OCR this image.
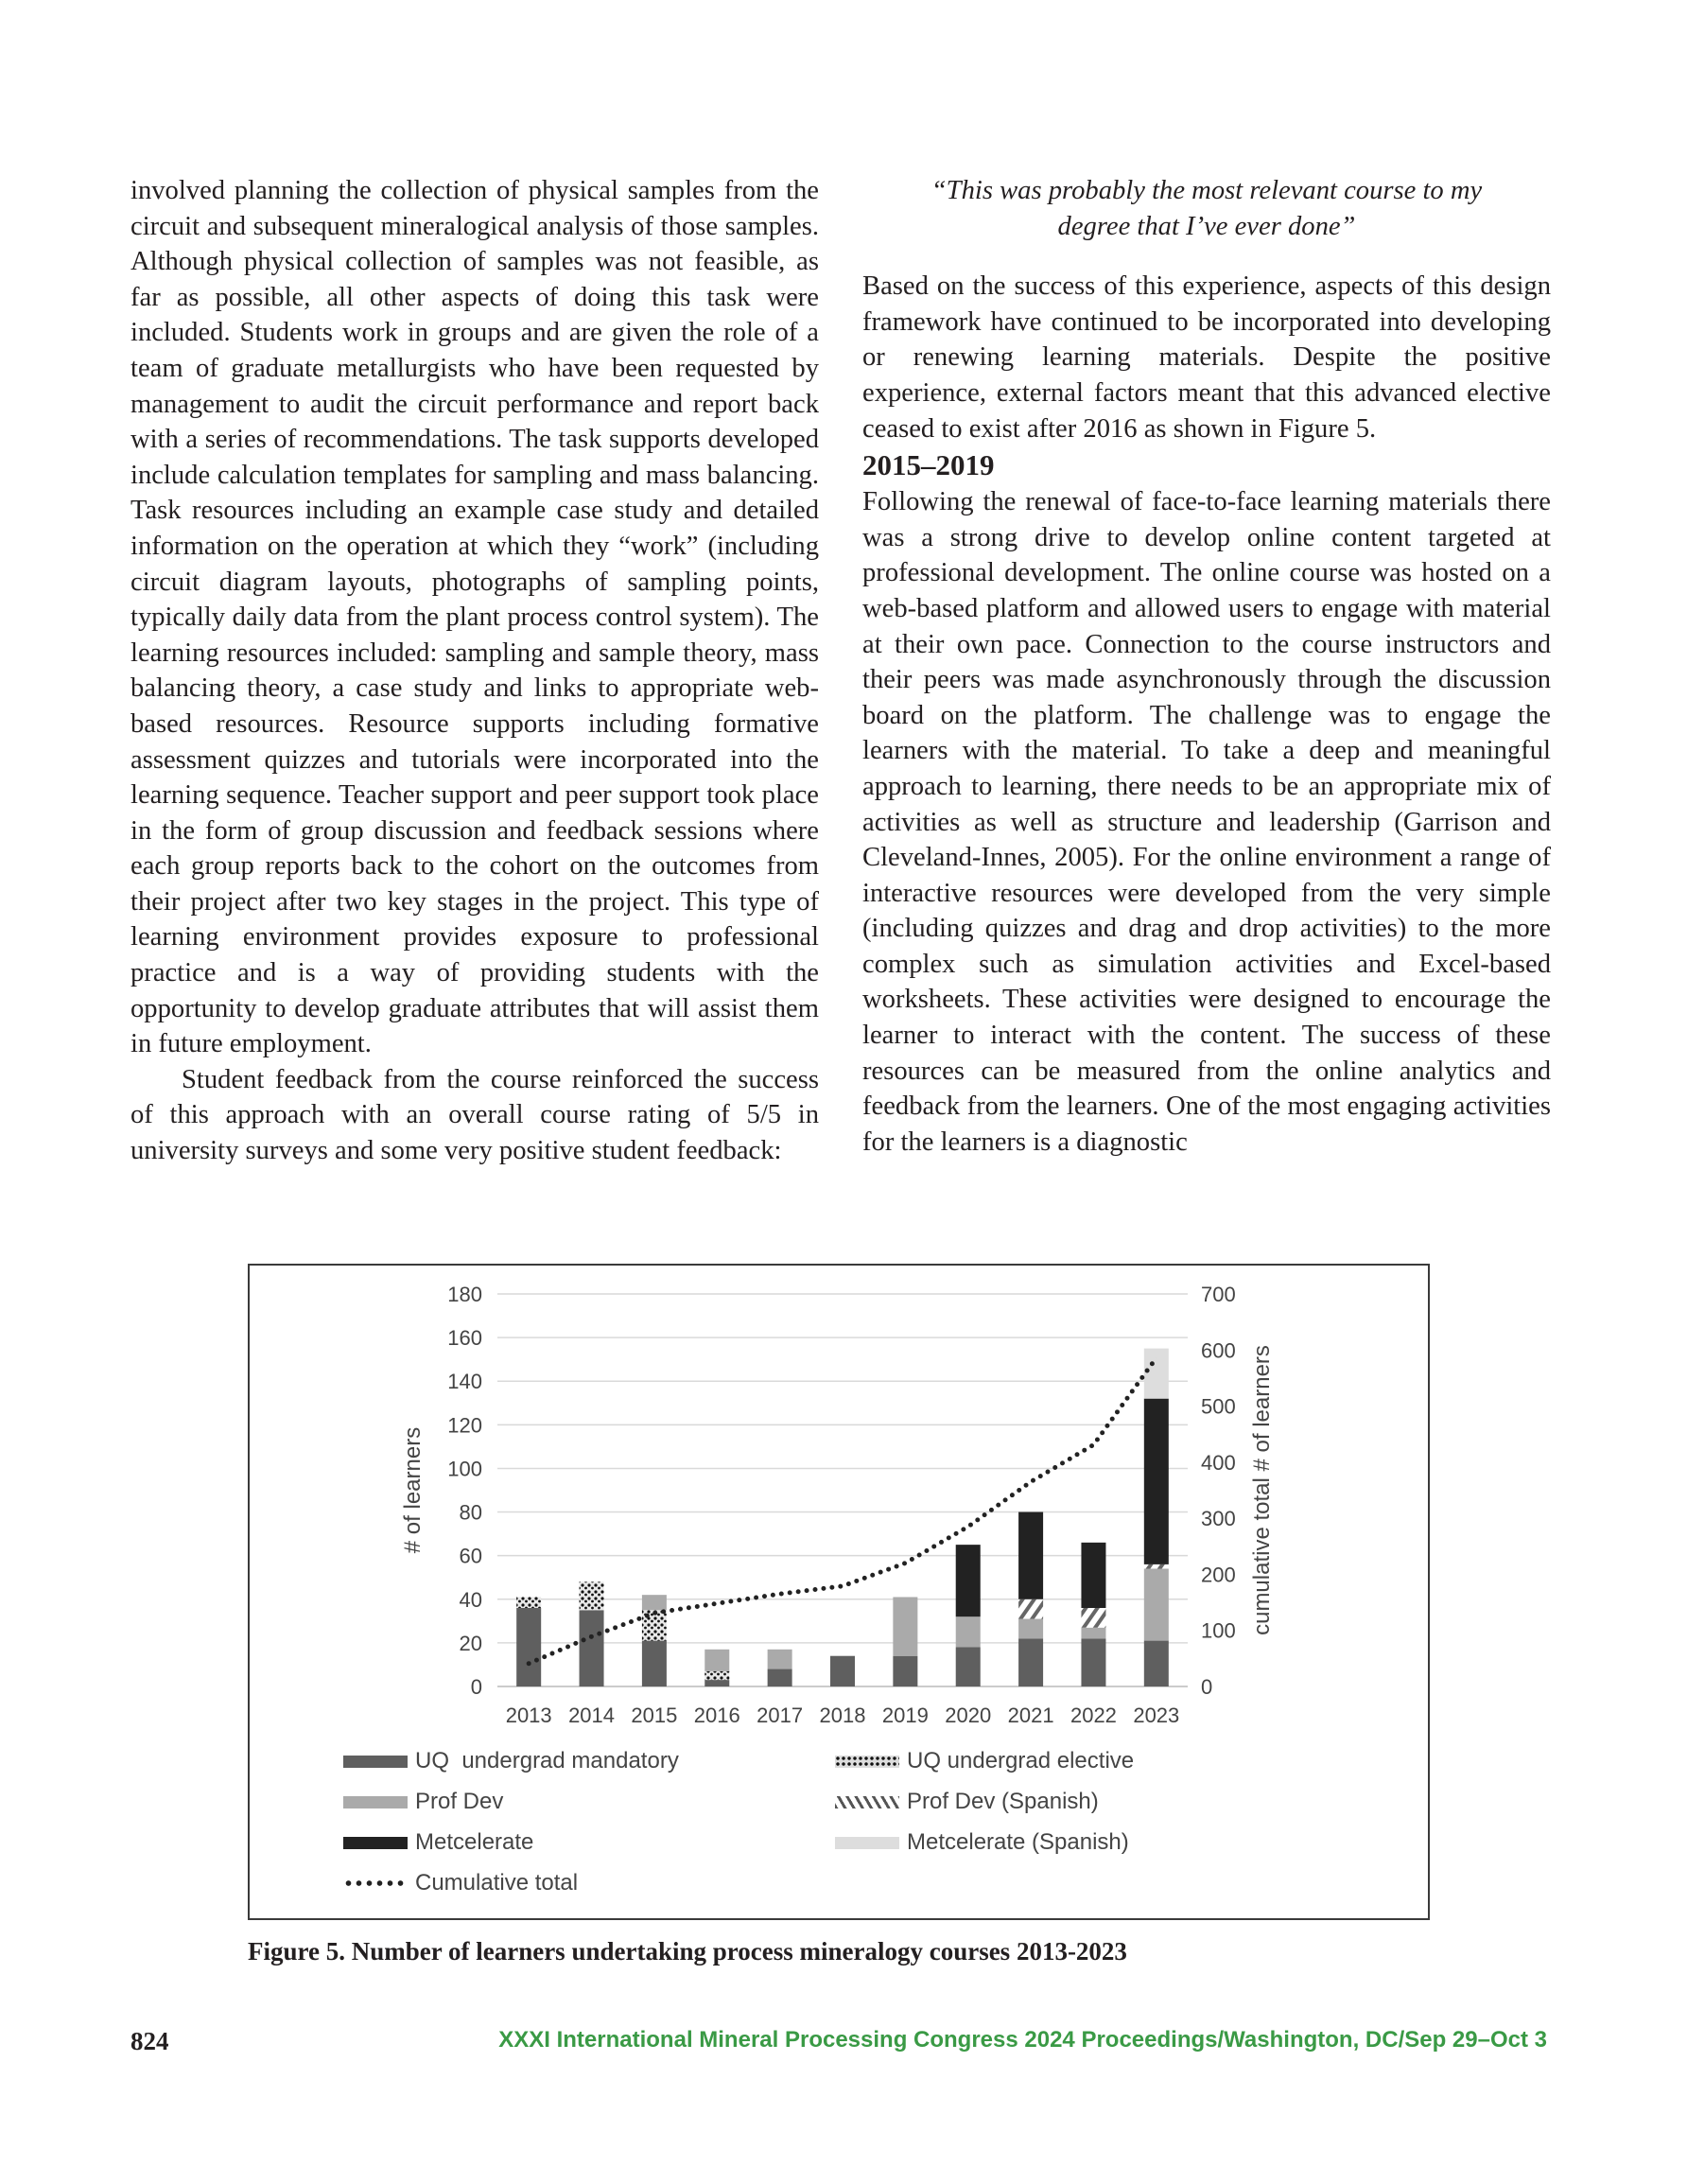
involved planning the collection of physical samples from the circuit and subsequent mineralogical analysis of those samples. Although physical collection of samples was not feasible, as far as possible, all other aspects of doing this task were included. Students work in groups and are given the role of a team of graduate metallurgists who have been requested by management to audit the circuit performance and report back with a series of recommendations. The task supports developed include calculation templates for sampling and mass balancing. Task resources including an example case study and detailed information on the operation at which they “work” (including circuit diagram layouts, photographs of sampling points, typically daily data from the plant process control system). The learning resources included: sampling and sample theory, mass balancing theory, a case study and links to appropriate webbased resources. Resource supports including formative assessment quizzes and tutorials were incorporated into the learning sequence. Teacher support and peer support took place in the form of group discussion and feedback sessions where each group reports back to the cohort on the outcomes from their project after two key stages in the project. This type of learning environment provides exposure to professional practice and is a way of providing students with the opportunity to develop graduate attributes that will assist them in future employment.

Student feedback from the course reinforced the success of this approach with an overall course rating of 5/5 in university surveys and some very positive student feedback:

“This was probably the most relevant course to my degree that I’ve ever done”

Based on the success of this experience, aspects of this design framework have continued to be incorporated into developing or renewing learning materials. Despite the positive experience, external factors meant that this advanced elective ceased to exist after 2016 as shown in Figure 5.

2015–2019

Following the renewal of face-to-face learning materials there was a strong drive to develop online content targeted at professional development. The online course was hosted on a web-based platform and allowed users to engage with material at their own pace. Connection to the course instructors and their peers was made asynchronously through the discussion board on the platform. The challenge was to engage the learners with the material. To take a deep and meaningful approach to learning, there needs to be an appropriate mix of activities as well as structure and leadership (Garrison and Cleveland-Innes, 2005). For the online environment a range of interactive resources were developed from the very simple (including quizzes and drag and drop activities) to the more complex such as simulation activities and Excel-based worksheets. These activities were designed to encourage the learner to interact with the content. The success of these resources can be measured from the online analytics and feedback from the learners. One of the most engaging activities for the learners is a diagnostic

0
20
40
60
80
100
120
140
160
180
0
100
200
300
400
500
600
700
2013 2014 2015 2016 2017 2018 2019 2020 2021 2022 2023
# of learners	cumulative total # of learners
UQ  undergrad mandatory	UQ undergrad elective
Prof Dev	Prof Dev (Spanish)
Metcelerate	Metcelerate (Spanish)
Cumulative total
Figure 5. Number of learners undertaking process mineralogy courses 2013-2023
824	XXXI International Mineral Processing Congress 2024 Proceedings/Washington, DC/Sep 29–Oct 3
